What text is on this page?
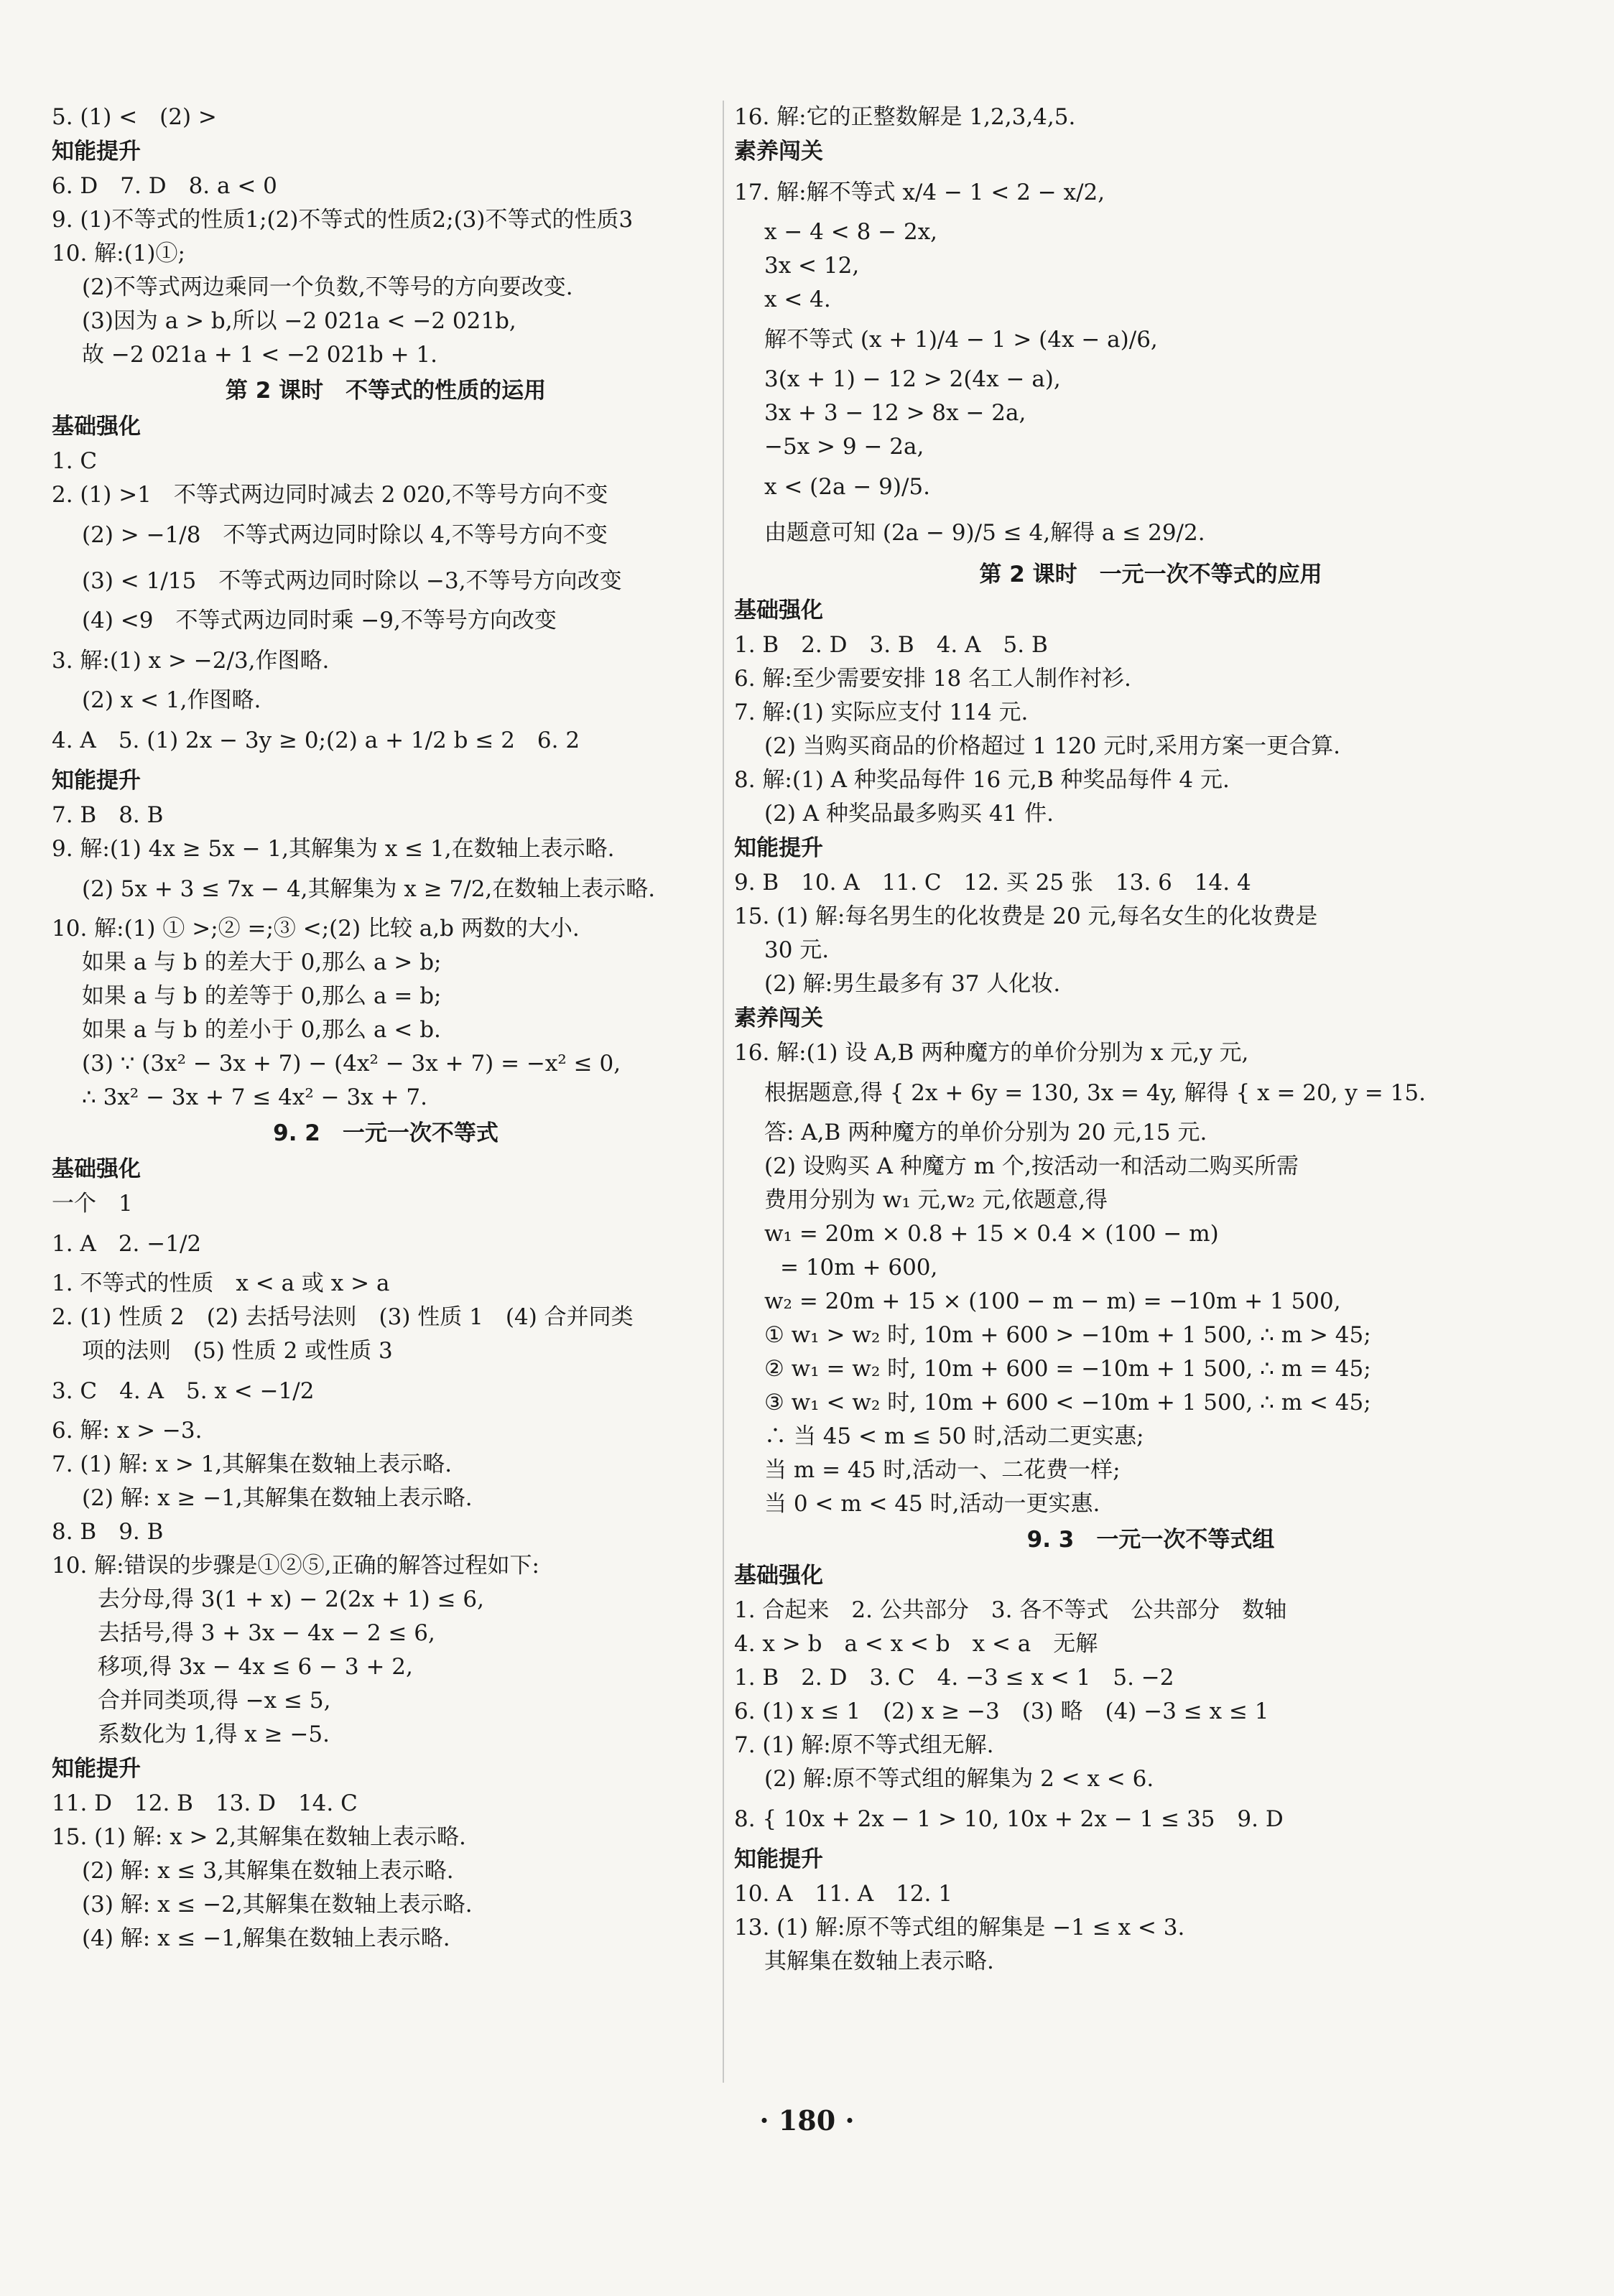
5. (1) <　(2) >
知能提升
6. D　7. D　8. a < 0
9. (1)不等式的性质1;(2)不等式的性质2;(3)不等式的性质3
10. 解:(1)①;
(2)不等式两边乘同一个负数,不等号的方向要改变.
(3)因为 a > b,所以 −2 021a < −2 021b,
故 −2 021a + 1 < −2 021b + 1.
第 2 课时　不等式的性质的运用
基础强化
1. C
2. (1) >1　不等式两边同时减去 2 020,不等号方向不变
(2) > −1/8　不等式两边同时除以 4,不等号方向不变
(3) < 1/15　不等式两边同时除以 −3,不等号方向改变
(4) <9　不等式两边同时乘 −9,不等号方向改变
3. 解:(1) x > −2/3,作图略.
(2) x < 1,作图略.
4. A　5. (1) 2x − 3y ≥ 0;(2) a + 1/2 b ≤ 2　6. 2
知能提升
7. B　8. B
9. 解:(1) 4x ≥ 5x − 1,其解集为 x ≤ 1,在数轴上表示略.
(2) 5x + 3 ≤ 7x − 4,其解集为 x ≥ 7/2,在数轴上表示略.
10. 解:(1) ① >;② =;③ <;(2) 比较 a,b 两数的大小.
如果 a 与 b 的差大于 0,那么 a > b;
如果 a 与 b 的差等于 0,那么 a = b;
如果 a 与 b 的差小于 0,那么 a < b.
(3) ∵ (3x² − 3x + 7) − (4x² − 3x + 7) = −x² ≤ 0,
∴ 3x² − 3x + 7 ≤ 4x² − 3x + 7.
9. 2　一元一次不等式
基础强化
一个　1
1. A　2. −1/2
1. 不等式的性质　x < a 或 x > a
2. (1) 性质 2　(2) 去括号法则　(3) 性质 1　(4) 合并同类
项的法则　(5) 性质 2 或性质 3
3. C　4. A　5. x < −1/2
6. 解: x > −3.
7. (1) 解: x > 1,其解集在数轴上表示略.
(2) 解: x ≥ −1,其解集在数轴上表示略.
8. B　9. B
10. 解:错误的步骤是①②⑤,正确的解答过程如下:
去分母,得 3(1 + x) − 2(2x + 1) ≤ 6,
去括号,得 3 + 3x − 4x − 2 ≤ 6,
移项,得 3x − 4x ≤ 6 − 3 + 2,
合并同类项,得 −x ≤ 5,
系数化为 1,得 x ≥ −5.
知能提升
11. D　12. B　13. D　14. C
15. (1) 解: x > 2,其解集在数轴上表示略.
(2) 解: x ≤ 3,其解集在数轴上表示略.
(3) 解: x ≤ −2,其解集在数轴上表示略.
(4) 解: x ≤ −1,解集在数轴上表示略.
16. 解:它的正整数解是 1,2,3,4,5.
素养闯关
17. 解:解不等式 x/4 − 1 < 2 − x/2,
x − 4 < 8 − 2x,
3x < 12,
x < 4.
解不等式 (x + 1)/4 − 1 > (4x − a)/6,
3(x + 1) − 12 > 2(4x − a),
3x + 3 − 12 > 8x − 2a,
−5x > 9 − 2a,
x < (2a − 9)/5.
由题意可知 (2a − 9)/5 ≤ 4,解得 a ≤ 29/2.
第 2 课时　一元一次不等式的应用
基础强化
1. B　2. D　3. B　4. A　5. B
6. 解:至少需要安排 18 名工人制作衬衫.
7. 解:(1) 实际应支付 114 元.
(2) 当购买商品的价格超过 1 120 元时,采用方案一更合算.
8. 解:(1) A 种奖品每件 16 元,B 种奖品每件 4 元.
(2) A 种奖品最多购买 41 件.
知能提升
9. B　10. A　11. C　12. 买 25 张　13. 6　14. 4
15. (1) 解:每名男生的化妆费是 20 元,每名女生的化妆费是
30 元.
(2) 解:男生最多有 37 人化妆.
素养闯关
16. 解:(1) 设 A,B 两种魔方的单价分别为 x 元,y 元,
根据题意,得 { 2x + 6y = 130, 3x = 4y, 解得 { x = 20, y = 15.
答: A,B 两种魔方的单价分别为 20 元,15 元.
(2) 设购买 A 种魔方 m 个,按活动一和活动二购买所需
费用分别为 w₁ 元,w₂ 元,依题意,得
w₁ = 20m × 0.8 + 15 × 0.4 × (100 − m)
= 10m + 600,
w₂ = 20m + 15 × (100 − m − m) = −10m + 1 500,
① w₁ > w₂ 时, 10m + 600 > −10m + 1 500, ∴ m > 45;
② w₁ = w₂ 时, 10m + 600 = −10m + 1 500, ∴ m = 45;
③ w₁ < w₂ 时, 10m + 600 < −10m + 1 500, ∴ m < 45;
∴ 当 45 < m ≤ 50 时,活动二更实惠;
当 m = 45 时,活动一、二花费一样;
当 0 < m < 45 时,活动一更实惠.
9. 3　一元一次不等式组
基础强化
1. 合起来　2. 公共部分　3. 各不等式　公共部分　数轴
4. x > b　a < x < b　x < a　无解
1. B　2. D　3. C　4. −3 ≤ x < 1　5. −2
6. (1) x ≤ 1　(2) x ≥ −3　(3) 略　(4) −3 ≤ x ≤ 1
7. (1) 解:原不等式组无解.
(2) 解:原不等式组的解集为 2 < x < 6.
8. { 10x + 2x − 1 > 10, 10x + 2x − 1 ≤ 35　9. D
知能提升
10. A　11. A　12. 1
13. (1) 解:原不等式组的解集是 −1 ≤ x < 3.
其解集在数轴上表示略.
· 180 ·
